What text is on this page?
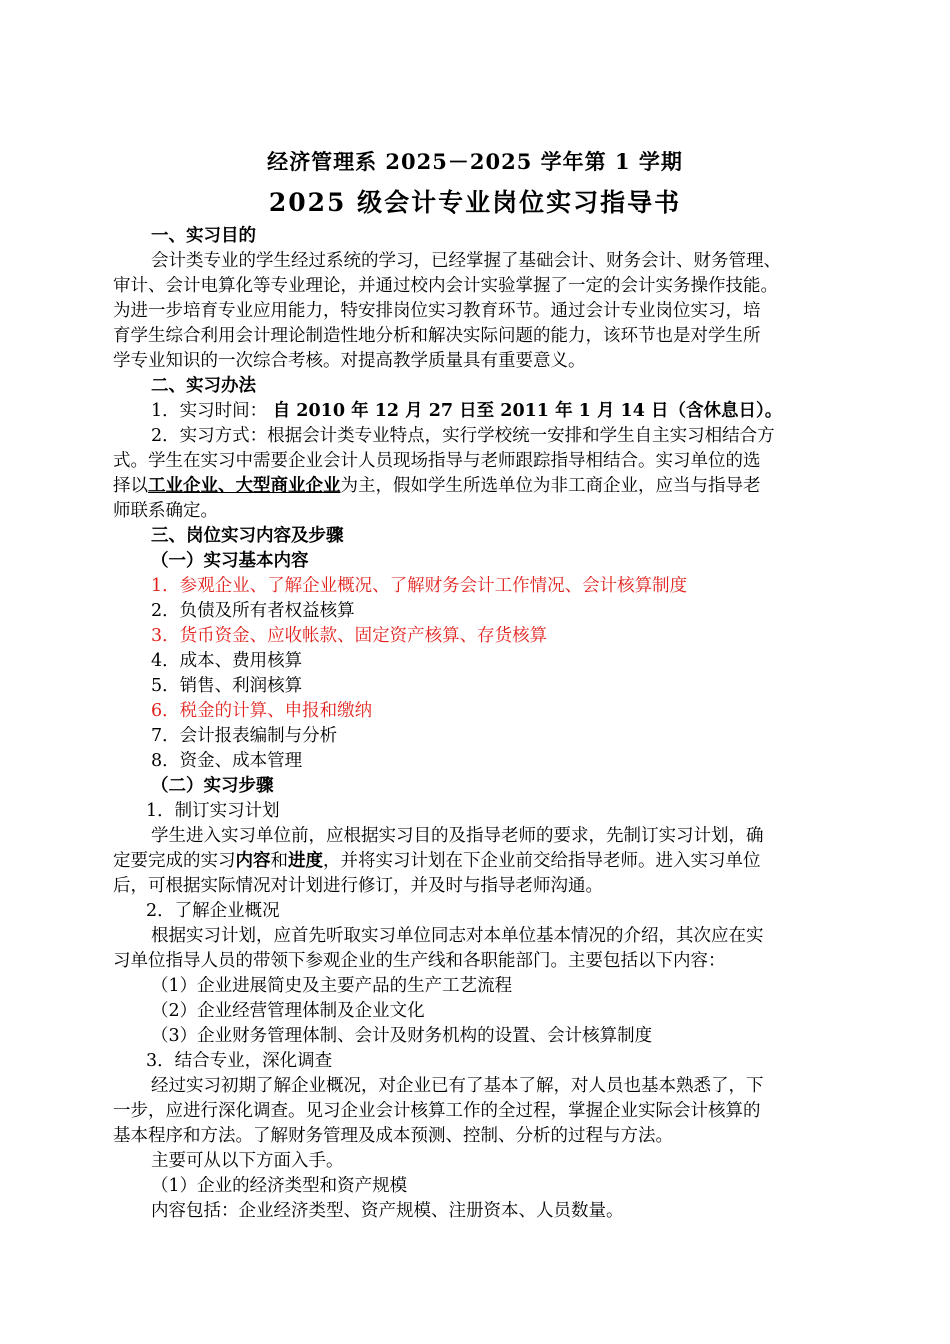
经济管理系 2025－2025 学年第 1 学期
2025 级会计专业岗位实习指导书
一、实习目的
会计类专业的学生经过系统的学习，已经掌握了基础会计、财务会计、财务管理、
审计、会计电算化等专业理论，并通过校内会计实验掌握了一定的会计实务操作技能。
为进一步培育专业应用能力，特安排岗位实习教育环节。通过会计专业岗位实习，培
育学生综合利用会计理论制造性地分析和解决实际问题的能力，该环节也是对学生所
学专业知识的一次综合考核。对提高教学质量具有重要意义。
二、实习办法
1．实习时间： 自 2010 年 12 月 27 日至 2011 年 1 月 14 日（含休息日）。
2．实习方式：根据会计类专业特点，实行学校统一安排和学生自主实习相结合方
式。学生在实习中需要企业会计人员现场指导与老师跟踪指导相结合。实习单位的选
择以工业企业、大型商业企业为主，假如学生所选单位为非工商企业，应当与指导老
师联系确定。
三、岗位实习内容及步骤
（一）实习基本内容
1．参观企业、了解企业概况、了解财务会计工作情况、会计核算制度
2．负债及所有者权益核算
3．货币资金、应收帐款、固定资产核算、存货核算
4．成本、费用核算
5．销售、利润核算
6．税金的计算、申报和缴纳
7．会计报表编制与分析
8．资金、成本管理
（二）实习步骤
1．制订实习计划
学生进入实习单位前，应根据实习目的及指导老师的要求，先制订实习计划，确
定要完成的实习内容和进度，并将实习计划在下企业前交给指导老师。进入实习单位
后，可根据实际情况对计划进行修订，并及时与指导老师沟通。
2．了解企业概况
根据实习计划，应首先听取实习单位同志对本单位基本情况的介绍，其次应在实
习单位指导人员的带领下参观企业的生产线和各职能部门。主要包括以下内容：
（1）企业进展简史及主要产品的生产工艺流程
（2）企业经营管理体制及企业文化
（3）企业财务管理体制、会计及财务机构的设置、会计核算制度
3．结合专业，深化调查
经过实习初期了解企业概况，对企业已有了基本了解，对人员也基本熟悉了，下
一步，应进行深化调查。见习企业会计核算工作的全过程，掌握企业实际会计核算的
基本程序和方法。了解财务管理及成本预测、控制、分析的过程与方法。
主要可从以下方面入手。
（1）企业的经济类型和资产规模
内容包括：企业经济类型、资产规模、注册资本、人员数量。
